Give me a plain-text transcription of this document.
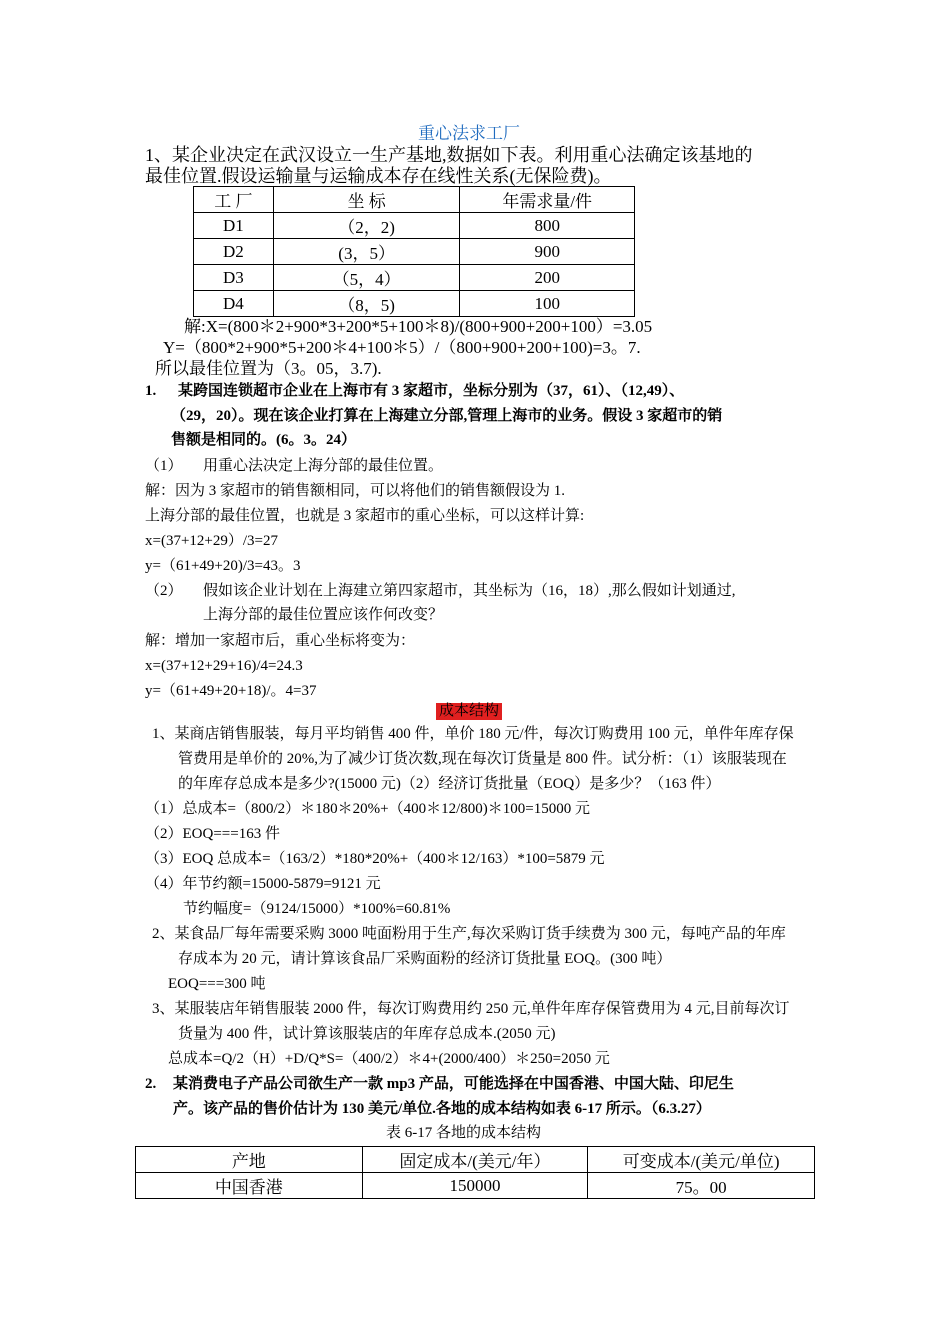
重心法求工厂
1、某企业决定在武汉设立一生产基地,数据如下表。利用重心法确定该基地的
最佳位置.假设运输量与运输成本存在线性关系(无保险费)。
工 厂	坐 标	年需求量/件
D1	（2，2)	800
D2	(3，5）	900
D3	（5，4）	200
D4	（8，5)	100
解:X=(800＊2+900*3+200*5+100＊8)/(800+900+200+100）=3.05
Y=（800*2+900*5+200＊4+100＊5）/（800+900+200+100)=3。7.
所以最佳位置为（3。05，3.7).
1. 某跨国连锁超市企业在上海市有 3 家超市，坐标分别为（37，61）、（12,49）、
（29，20）。现在该企业打算在上海建立分部,管理上海市的业务。假设 3 家超市的销
售额是相同的。(6。3。24）
（1） 用重心法决定上海分部的最佳位置。
解：因为 3 家超市的销售额相同，可以将他们的销售额假设为 1.
上海分部的最佳位置，也就是 3 家超市的重心坐标，可以这样计算:
x=(37+12+29）/3=27
y=（61+49+20)/3=43。3
（2） 假如该企业计划在上海建立第四家超市，其坐标为（16，18）,那么假如计划通过,
上海分部的最佳位置应该作何改变？
解：增加一家超市后，重心坐标将变为：
x=(37+12+29+16)/4=24.3
y=（61+49+20+18)/。4=37
成本结构
1、某商店销售服装，每月平均销售 400 件，单价 180 元/件，每次订购费用 100 元，单件年库存保
管费用是单价的 20%,为了减少订货次数,现在每次订货量是 800 件。试分析：（1）该服装现在
的年库存总成本是多少?(15000 元)（2）经济订货批量（EOQ）是多少？（163 件）
（1）总成本=（800/2）＊180＊20%+（400＊12/800)＊100=15000 元
（2）EOQ===163 件
（3）EOQ 总成本=（163/2）*180*20%+（400＊12/163）*100=5879 元
（4）年节约额=15000-5879=9121 元
节约幅度=（9124/15000）*100%=60.81%
2、某食品厂每年需要采购 3000 吨面粉用于生产,每次采购订货手续费为 300 元，每吨产品的年库
存成本为 20 元，请计算该食品厂采购面粉的经济订货批量 EOQ。(300 吨）
EOQ===300 吨
3、某服装店年销售服装 2000 件，每次订购费用约 250 元,单件年库存保管费用为 4 元,目前每次订
货量为 400 件，试计算该服装店的年库存总成本.(2050 元)
总成本=Q/2（H）+D/Q*S=（400/2）＊4+(2000/400）＊250=2050 元
2. 某消费电子产品公司欲生产一款 mp3 产品，可能选择在中国香港、中国大陆、印尼生
产。该产品的售价估计为 130 美元/单位.各地的成本结构如表 6-17 所示。（6.3.27）
表 6-17 各地的成本结构
产地	固定成本/(美元/年）	可变成本/(美元/单位)
中国香港	150000	75。00
